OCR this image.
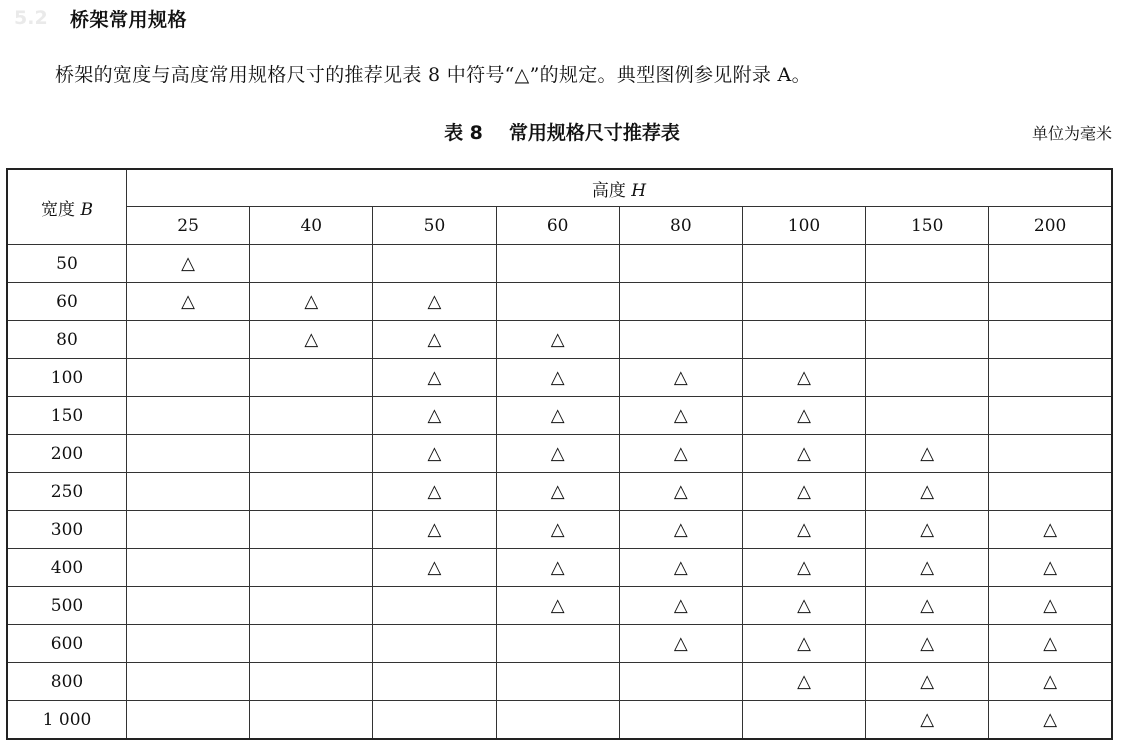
5.2	桥架常用规格
桥架的宽度与高度常用规格尺寸的推荐见表 8 中符号“△”的规定。典型图例参见附录 A。
表 8 常用规格尺寸推荐表	单位为毫米
宽度 B	高度 H							
	25	40	50	60	80	100	150	200
50	△							
60	△	△	△					
80		△	△	△				
100			△	△	△	△		
150			△	△	△	△		
200			△	△	△	△	△	
250			△	△	△	△	△	
300			△	△	△	△	△	△
400			△	△	△	△	△	△
500				△	△	△	△	△
600					△	△	△	△
800						△	△	△
1 000							△	△
